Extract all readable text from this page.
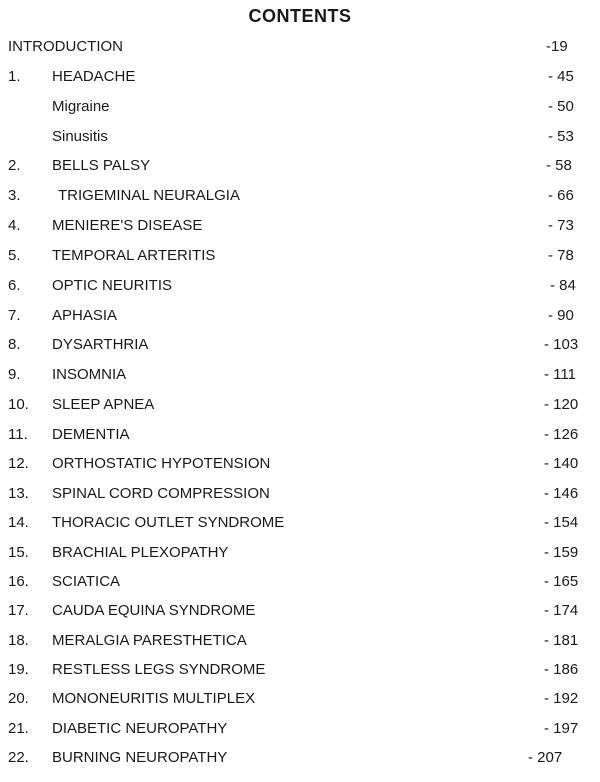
CONTENTS
INTRODUCTION	-19
1. HEADACHE	- 45
Migraine	- 50
Sinusitis	- 53
2. BELLS PALSY	- 58
3. TRIGEMINAL NEURALGIA	- 66
4. MENIERE'S DISEASE	- 73
5. TEMPORAL ARTERITIS	- 78
6. OPTIC NEURITIS	- 84
7. APHASIA	- 90
8. DYSARTHRIA	- 103
9. INSOMNIA	- 111
10. SLEEP APNEA	- 120
11. DEMENTIA	- 126
12. ORTHOSTATIC HYPOTENSION	- 140
13. SPINAL CORD COMPRESSION	- 146
14. THORACIC OUTLET SYNDROME	- 154
15. BRACHIAL PLEXOPATHY	- 159
16. SCIATICA	- 165
17. CAUDA EQUINA SYNDROME	- 174
18. MERALGIA PARESTHETICA	- 181
19. RESTLESS LEGS SYNDROME	- 186
20. MONONEURITIS MULTIPLEX	- 192
21. DIABETIC NEUROPATHY	- 197
22. BURNING NEUROPATHY	- 207
